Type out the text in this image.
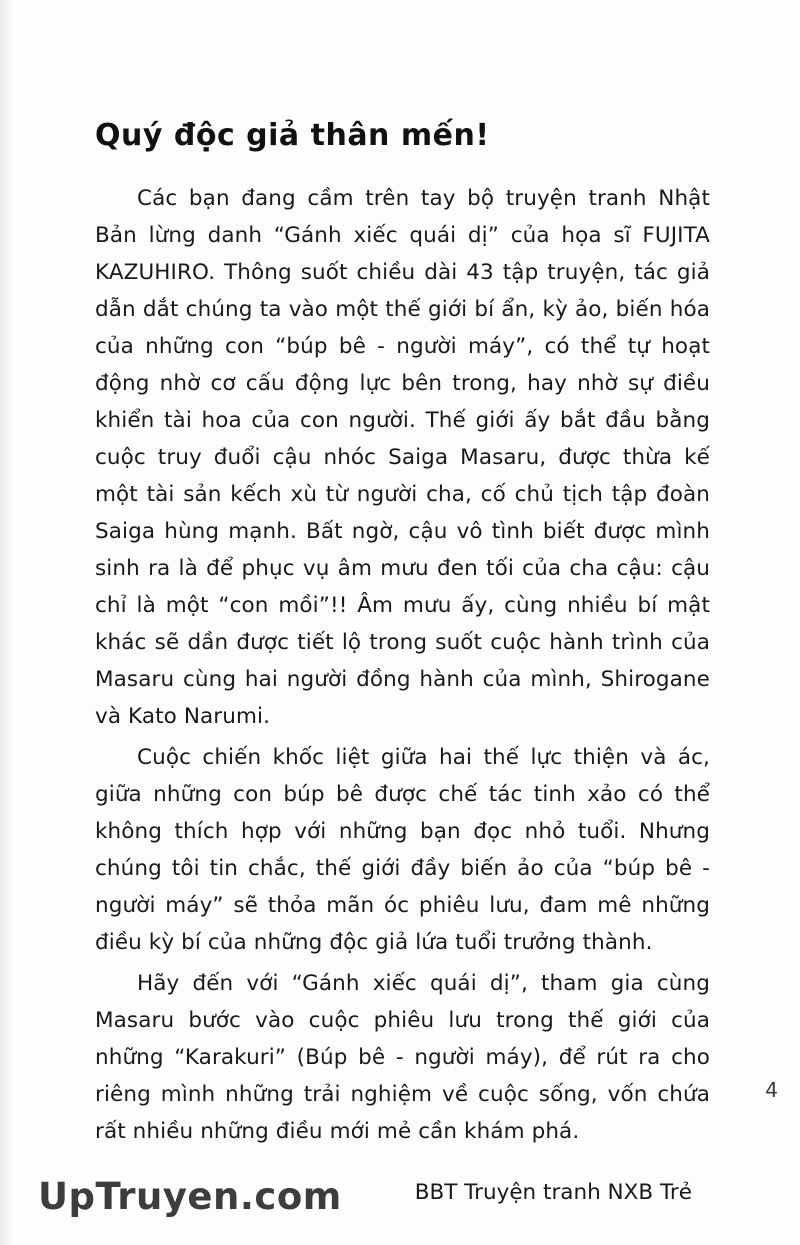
Quý độc giả thân mến!

Các bạn đang cầm trên tay bộ truyện tranh Nhật Bản lừng danh “Gánh xiếc quái dị” của họa sĩ FUJITA KAZUHIRO. Thông suốt chiều dài 43 tập truyện, tác giả dẫn dắt chúng ta vào một thế giới bí ẩn, kỳ ảo, biến hóa của những con “búp bê - người máy”, có thể tự hoạt động nhờ cơ cấu động lực bên trong, hay nhờ sự điều khiển tài hoa của con người. Thế giới ấy bắt đầu bằng cuộc truy đuổi cậu nhóc Saiga Masaru, được thừa kế một tài sản kếch xù từ người cha, cố chủ tịch tập đoàn Saiga hùng mạnh. Bất ngờ, cậu vô tình biết được mình sinh ra là để phục vụ âm mưu đen tối của cha cậu: cậu chỉ là một “con mồi”!! Âm mưu ấy, cùng nhiều bí mật khác sẽ dần được tiết lộ trong suốt cuộc hành trình của Masaru cùng hai người đồng hành của mình, Shirogane và Kato Narumi.

Cuộc chiến khốc liệt giữa hai thế lực thiện và ác, giữa những con búp bê được chế tác tinh xảo có thể không thích hợp với những bạn đọc nhỏ tuổi. Nhưng chúng tôi tin chắc, thế giới đầy biến ảo của “búp bê - người máy” sẽ thỏa mãn óc phiêu lưu, đam mê những điều kỳ bí của những độc giả lứa tuổi trưởng thành.

Hãy đến với “Gánh xiếc quái dị”, tham gia cùng Masaru bước vào cuộc phiêu lưu trong thế giới của những “Karakuri” (Búp bê - người máy), để rút ra cho riêng mình những trải nghiệm về cuộc sống, vốn chứa rất nhiều những điều mới mẻ cần khám phá.

BBT Truyện tranh NXB Trẻ
4
UpTruyen.com
